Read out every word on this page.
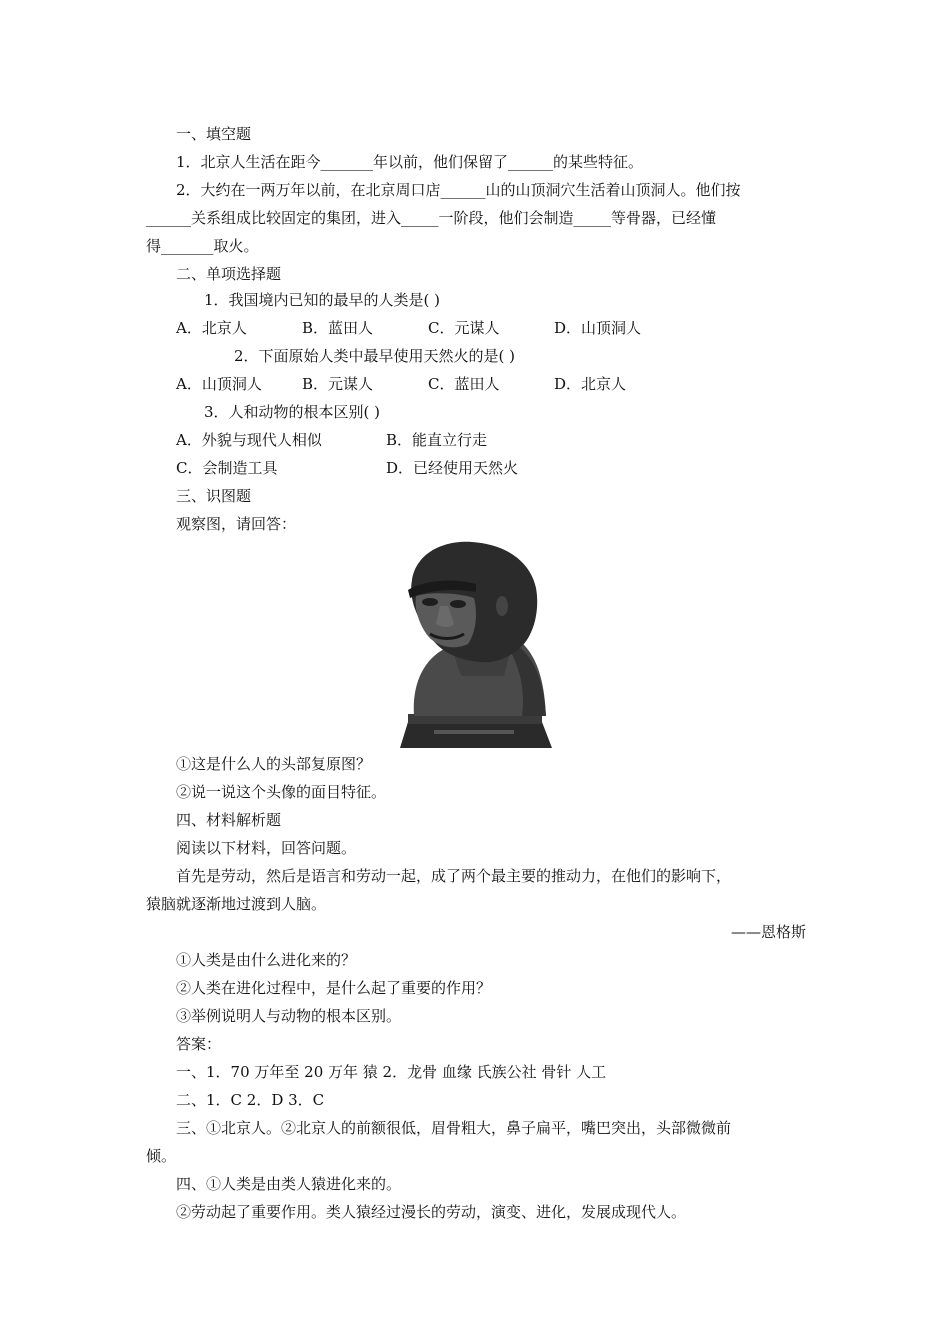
一、填空题
1．北京人生活在距今_______年以前，他们保留了______的某些特征。
2．大约在一两万年以前，在北京周口店______山的山顶洞穴生活着山顶洞人。他们按
______关系组成比较固定的集团，进入_____一阶段，他们会制造_____等骨器，已经懂
得_______取火。
二、单项选择题
1．我国境内已知的最早的人类是( )
A．北京人	B．蓝田人	C．元谋人	D．山顶洞人
2．下面原始人类中最早使用天然火的是( )
A．山顶洞人	B．元谋人	C．蓝田人	D．北京人
3．人和动物的根本区别( )
A．外貌与现代人相似	B．能直立行走
C．会制造工具	D．已经使用天然火
三、识图题
观察图，请回答：
①这是什么人的头部复原图？
②说一说这个头像的面目特征。
四、材料解析题
阅读以下材料，回答问题。
首先是劳动，然后是语言和劳动一起，成了两个最主要的推动力，在他们的影响下，
猿脑就逐渐地过渡到人脑。
——恩格斯
①人类是由什么进化来的？
②人类在进化过程中，是什么起了重要的作用？
③举例说明人与动物的根本区别。
答案：
一、1．70 万年至 20 万年 猿 2．龙骨 血缘 氏族公社 骨针 人工
二、1．C 2．D 3．C
三、①北京人。②北京人的前额很低，眉骨粗大，鼻子扁平，嘴巴突出，头部微微前
倾。
四、①人类是由类人猿进化来的。
②劳动起了重要作用。类人猿经过漫长的劳动，演变、进化，发展成现代人。
